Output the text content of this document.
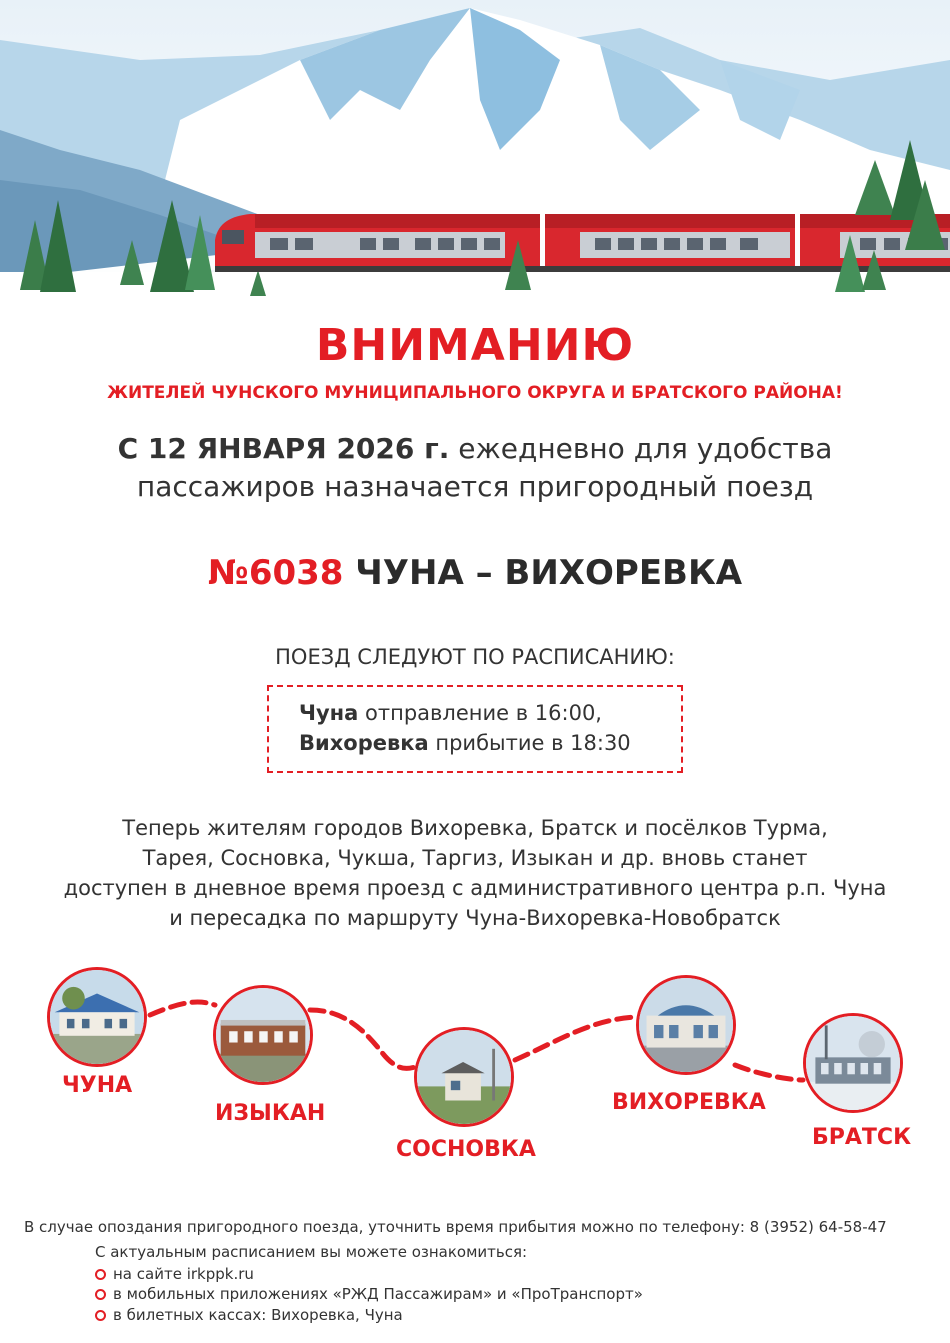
ВНИМАНИЮ
ЖИТЕЛЕЙ ЧУНСКОГО МУНИЦИПАЛЬНОГО ОКРУГА И БРАТСКОГО РАЙОНА!
С 12 ЯНВАРЯ 2026 г. ежедневно для удобства
пассажиров назначается пригородный поезд
№6038 ЧУНА – ВИХОРЕВКА
ПОЕЗД СЛЕДУЮТ ПО РАСПИСАНИЮ:
Чуна отправление в 16:00,
Вихоревка прибытие в 18:30
Теперь жителям городов Вихоревка, Братск и посёлков Турма,
Тарея, Сосновка, Чукша, Таргиз, Изыкан и др. вновь станет
доступен в дневное время проезд с административного центра р.п. Чуна
и пересадка по маршруту Чуна-Вихоревка-Новобратск
ЧУНА
ИЗЫКАН
СОСНОВКА
ВИХОРЕВКА
БРАТСК
В случае опоздания пригородного поезда, уточнить время прибытия можно по телефону: 8 (3952) 64-58-47
С актуальным расписанием вы можете ознакомиться:
на сайте irkppk.ru
в мобильных приложениях «РЖД Пассажирам» и «ПроТранспорт»
в билетных кассах: Вихоревка, Чуна
